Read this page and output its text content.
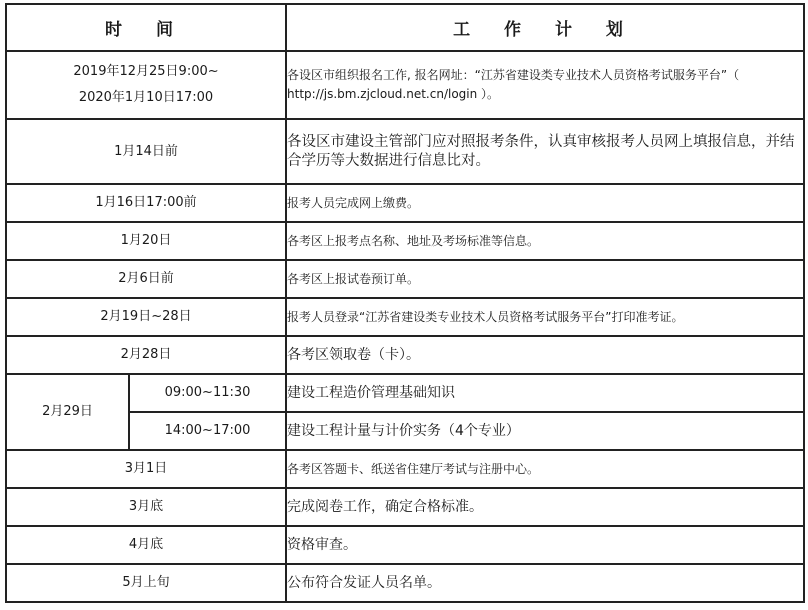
时 间		工 作 计 划

2019年12月25日9:00~
2020年1月10日17:00		各设区市组织报名工作, 报名网址：“江苏省建设类专业技术人员资格考试服务平台”（ http://js.bm.zjcloud.net.cn/login ）。
1月14日前		各设区市建设主管部门应对照报考条件，认真审核报考人员网上填报信息，并结合学历等大数据进行信息比对。
1月16日17:00前		报考人员完成网上缴费。
1月20日		各考区上报考点名称、地址及考场标准等信息。
2月6日前		各考区上报试卷预订单。
2月19日~28日		报考人员登录“江苏省建设类专业技术人员资格考试服务平台”打印准考证。
2月28日		各考区领取卷（卡）。
2月29日	09:00~11:30	建设工程造价管理基础知识
	14:00~17:00	建设工程计量与计价实务（4个专业）
3月1日		各考区答题卡、纸送省住建厅考试与注册中心。
3月底		完成阅卷工作，确定合格标准。
4月底		资格审查。
5月上旬		公布符合发证人员名单。
